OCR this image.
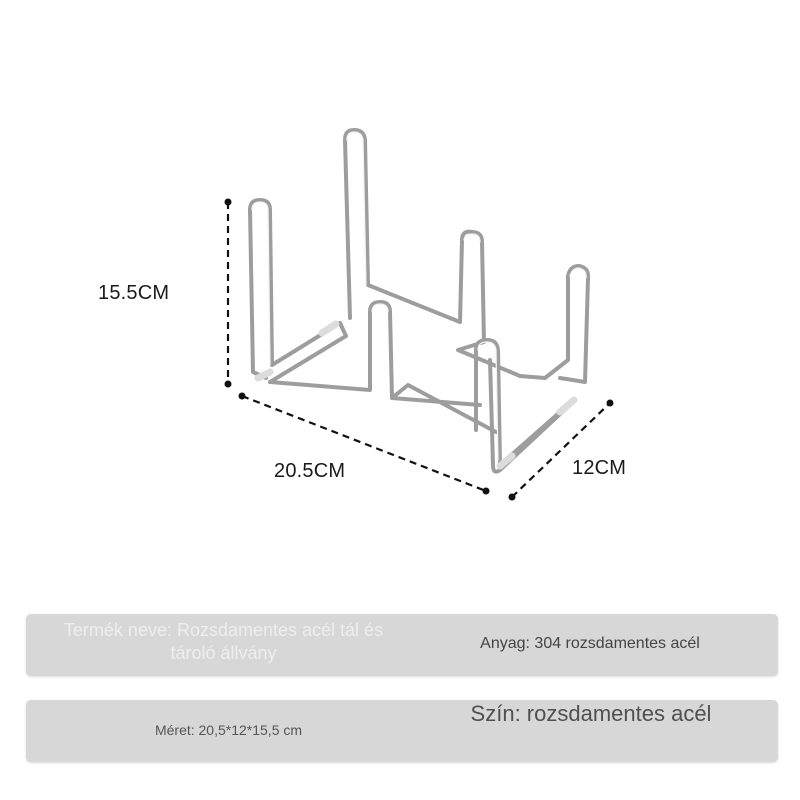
15.5CM
20.5CM	12CM
Termék neve: Rozsdamentes acél tál és tároló állvány	Anyag: 304 rozsdamentes acél
Méret: 20,5*12*15,5 cm
Szín: rozsdamentes acél
